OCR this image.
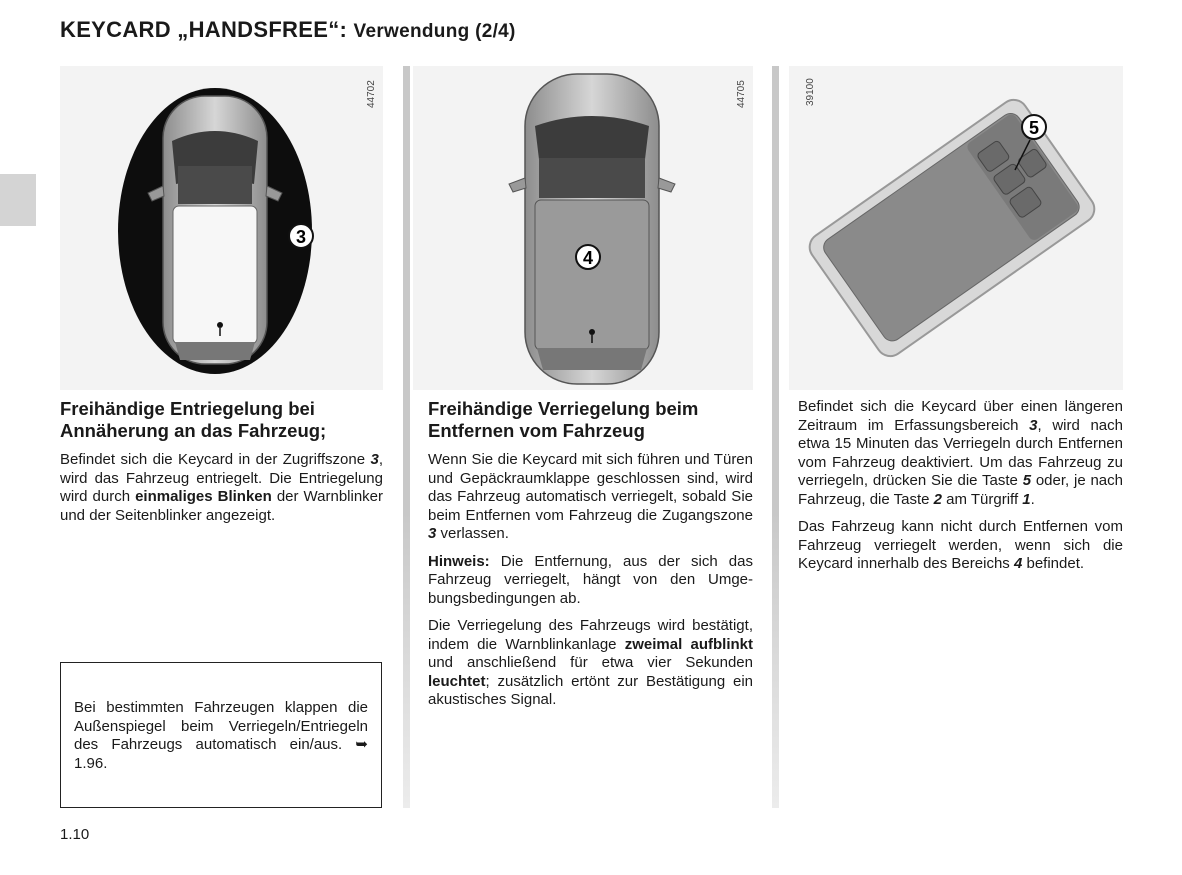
KEYCARD „HANDSFREE“: Verwendung (2/4)
3
44702
4
44705
5
39100
Freihändige Entriegelung bei Annäherung an das Fahrzeug;

Befindet sich die Keycard in der Zugriffszone 3, wird das Fahrzeug entriegelt. Die Entriegelung wird durch einmaliges Blinken der Warnblinker und der Seitenblinker angezeigt.

Bei bestimmten Fahrzeugen klappen die Außenspiegel beim Verriegeln/Entriegeln des Fahrzeugs automatisch ein/aus. ➥ 1.96.
Freihändige Verriegelung beim Entfernen vom Fahrzeug

Wenn Sie die Keycard mit sich führen und Türen und Gepäckraumklappe geschlossen sind, wird das Fahrzeug automatisch verriegelt, sobald Sie beim Entfernen vom Fahrzeug die Zugangszone 3 verlassen.

Hinweis: Die Entfernung, aus der sich das Fahrzeug verriegelt, hängt von den Umgebungsbedingungen ab.

Die Verriegelung des Fahrzeugs wird bestätigt, indem die Warnblinkanlage zweimal aufblinkt und anschließend für etwa vier Sekunden leuchtet; zusätzlich ertönt zur Bestätigung ein akustisches Signal.

Befindet sich die Keycard über einen längeren Zeitraum im Erfassungsbereich 3, wird nach etwa 15 Minuten das Verriegeln durch Entfernen vom Fahrzeug deaktiviert. Um das Fahrzeug zu verriegeln, drücken Sie die Taste 5 oder, je nach Fahrzeug, die Taste 2 am Türgriff 1.

Das Fahrzeug kann nicht durch Entfernen vom Fahrzeug verriegelt werden, wenn sich die Keycard innerhalb des Bereichs 4 befindet.

1.10
